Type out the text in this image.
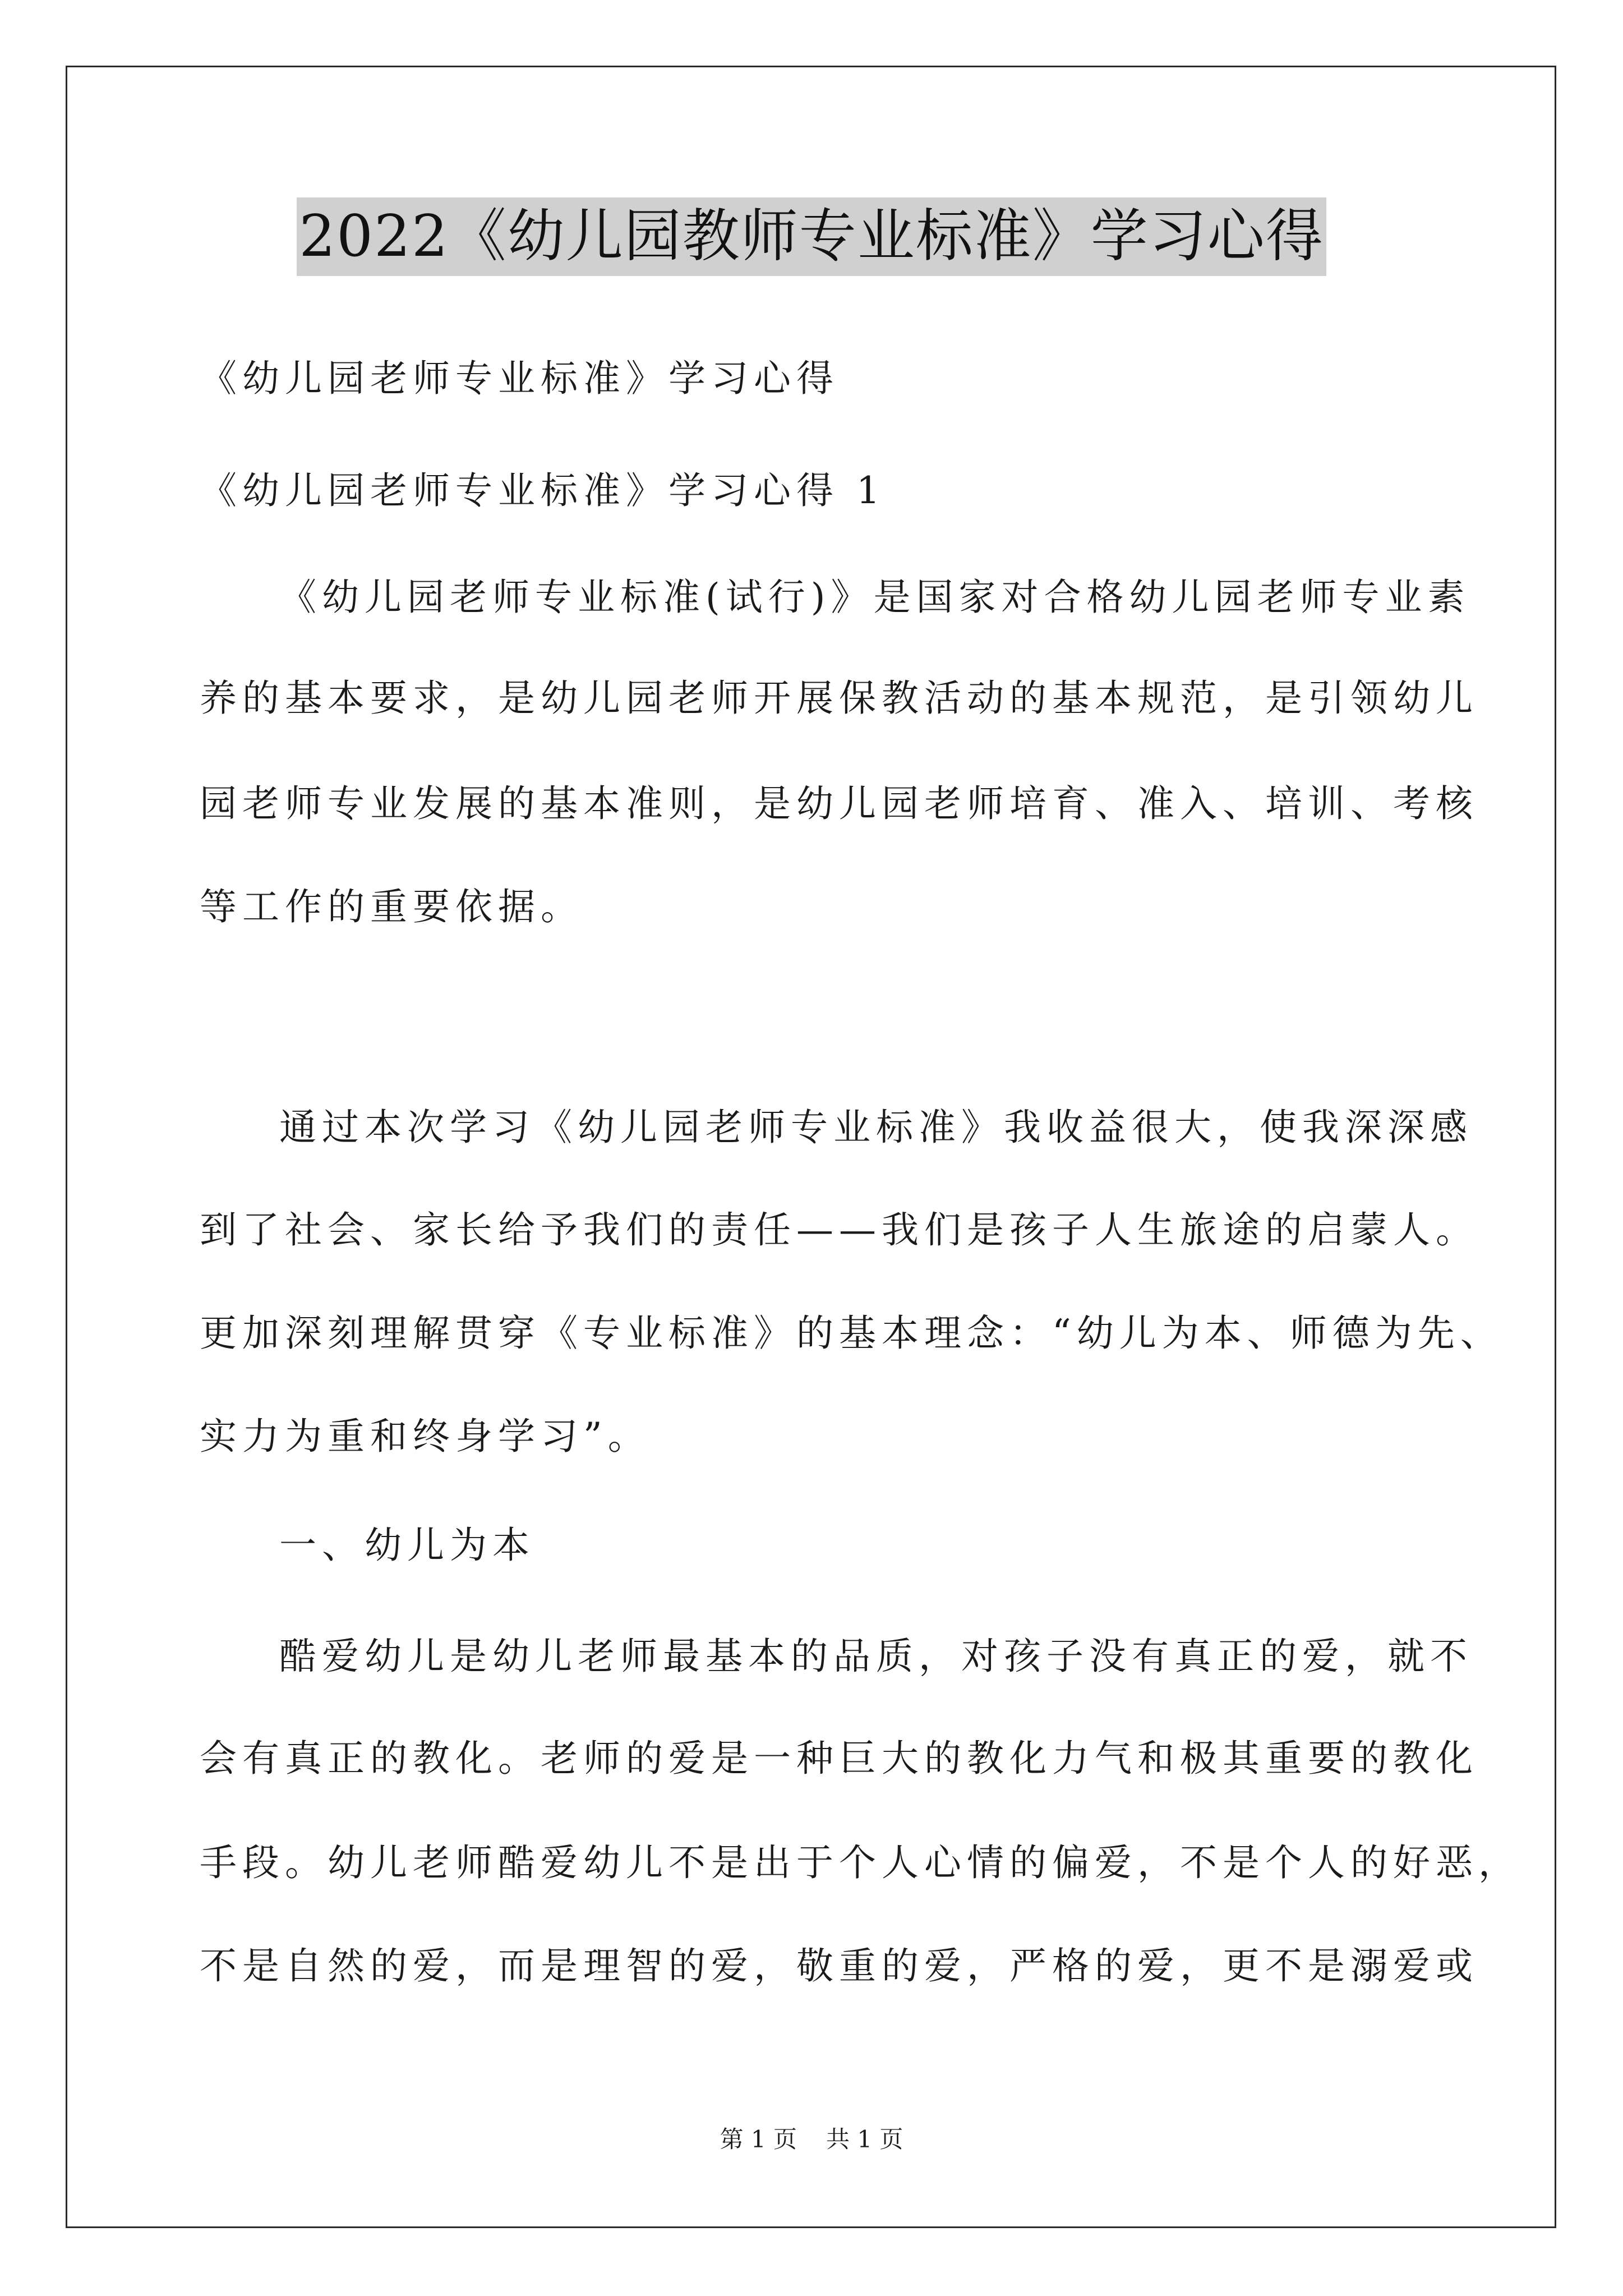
2022《幼儿园教师专业标准》学习心得
《幼儿园老师专业标准》学习心得
《幼儿园老师专业标准》学习心得 1
《幼儿园老师专业标准(试行)》是国家对合格幼儿园老师专业素
养的基本要求，是幼儿园老师开展保教活动的基本规范，是引领幼儿
园老师专业发展的基本准则，是幼儿园老师培育、准入、培训、考核
等工作的重要依据。
通过本次学习《幼儿园老师专业标准》我收益很大，使我深深感
到了社会、家长给予我们的责任——我们是孩子人生旅途的启蒙人。
更加深刻理解贯穿《专业标准》的基本理念：“幼儿为本、师德为先、
实力为重和终身学习”。
一、幼儿为本
酷爱幼儿是幼儿老师最基本的品质，对孩子没有真正的爱，就不
会有真正的教化。老师的爱是一种巨大的教化力气和极其重要的教化
手段。幼儿老师酷爱幼儿不是出于个人心情的偏爱，不是个人的好恶，
不是自然的爱，而是理智的爱，敬重的爱，严格的爱，更不是溺爱或
第 1 页 共 1 页
